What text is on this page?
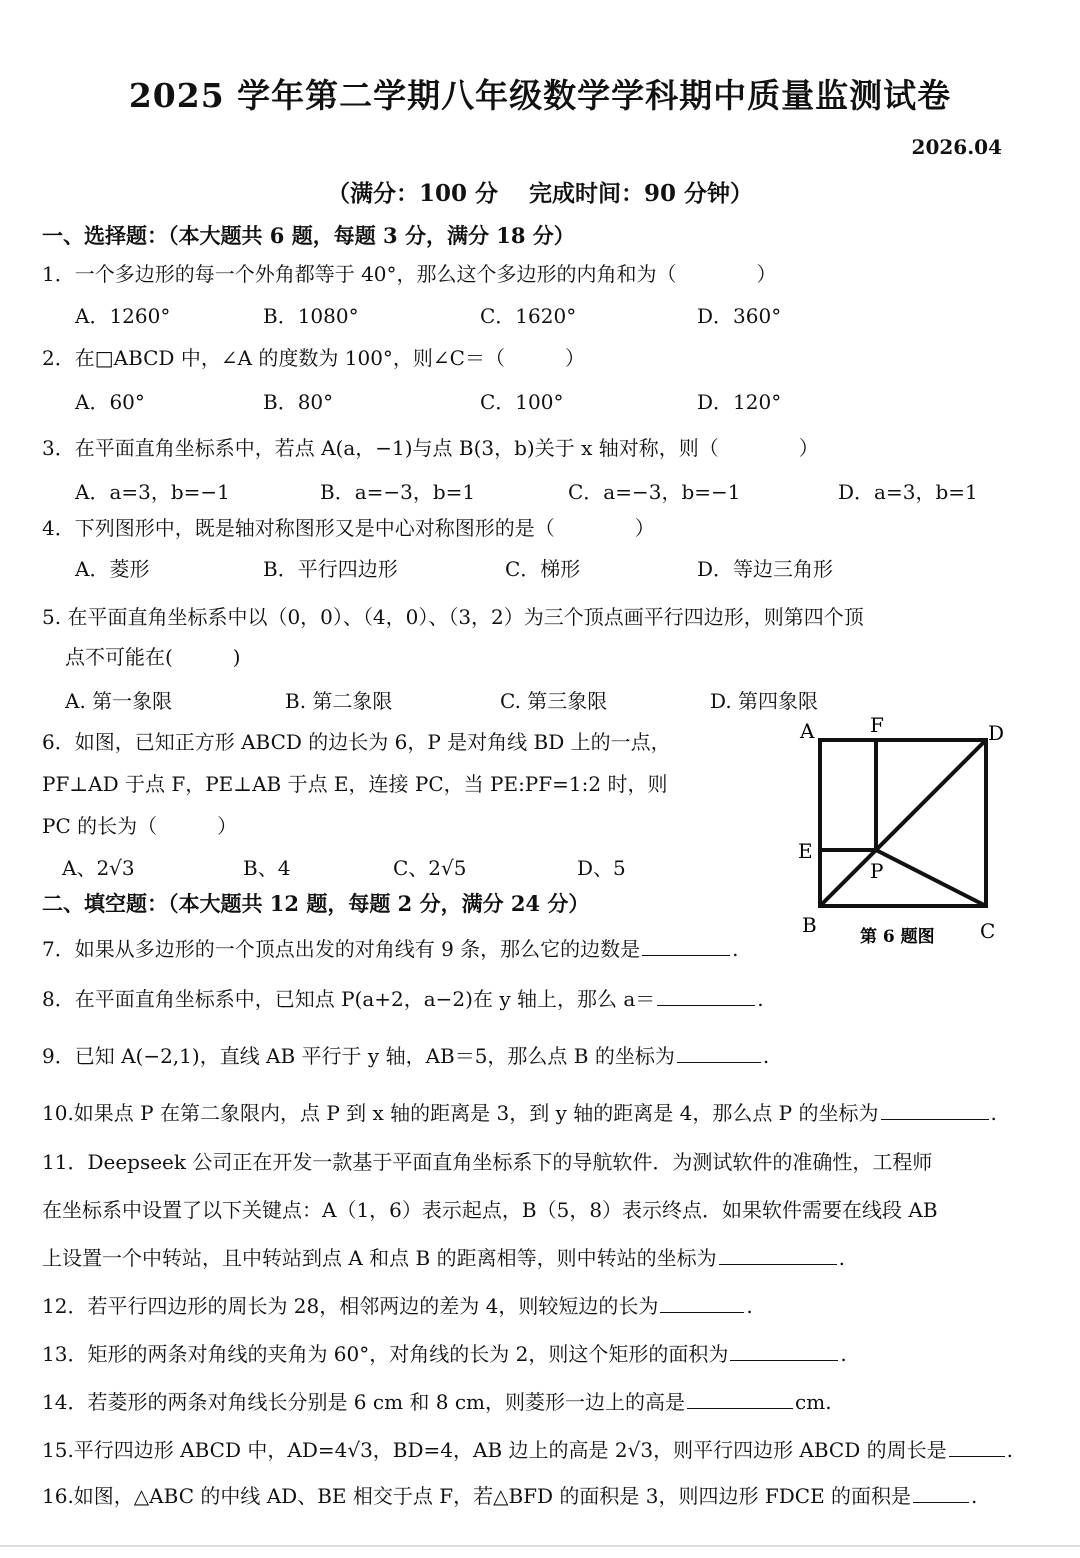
2025 学年第二学期八年级数学学科期中质量监测试卷
2026.04
（满分：100 分　 完成时间：90 分钟）
一、选择题：（本大题共 6 题，每题 3 分，满分 18 分）
1．一个多边形的每一个外角都等于 40°，那么这个多边形的内角和为（　　　　）
A．1260°	B．1080°	C．1620°	D．360°
2．在□ABCD 中，∠A 的度数为 100°，则∠C＝（　　　）
A．60°	B．80°	C．100°	D．120°
3．在平面直角坐标系中，若点 A(a，−1)与点 B(3，b)关于 x 轴对称，则（　　　　）
A．a=3，b=−1	B．a=−3，b=1	C．a=−3，b=−1	D．a=3，b=1
4．下列图形中，既是轴对称图形又是中心对称图形的是（　　　　）
A．菱形	B．平行四边形	C．梯形	D．等边三角形
5. 在平面直角坐标系中以（0，0）、（4，0）、（3，2）为三个顶点画平行四边形，则第四个顶
点不可能在(　　　)
A. 第一象限	B. 第二象限	C. 第三象限	D. 第四象限
6．如图，已知正方形 ABCD 的边长为 6，P 是对角线 BD 上的一点，
PF⊥AD 于点 F，PE⊥AB 于点 E，连接 PC，当 PE:PF=1:2 时，则
PC 的长为（　　　）
A、2√3	B、4	C、2√5	D、5
A	F	D
E
P
B	C
第 6 题图
二、填空题：（本大题共 12 题，每题 2 分，满分 24 分）
7．如果从多边形的一个顶点出发的对角线有 9 条，那么它的边数是	.
8．在平面直角坐标系中，已知点 P(a+2，a−2)在 y 轴上，那么 a＝	.
9．已知 A(−2,1)，直线 AB 平行于 y 轴，AB＝5，那么点 B 的坐标为	.
10.如果点 P 在第二象限内，点 P 到 x 轴的距离是 3，到 y 轴的距离是 4，那么点 P 的坐标为	.
11．Deepseek 公司正在开发一款基于平面直角坐标系下的导航软件．为测试软件的准确性，工程师
在坐标系中设置了以下关键点：A（1，6）表示起点，B（5，8）表示终点．如果软件需要在线段 AB
上设置一个中转站，且中转站到点 A 和点 B 的距离相等，则中转站的坐标为	.
12．若平行四边形的周长为 28，相邻两边的差为 4，则较短边的长为	.
13．矩形的两条对角线的夹角为 60°，对角线的长为 2，则这个矩形的面积为	.
14．若菱形的两条对角线长分别是 6 cm 和 8 cm，则菱形一边上的高是	cm.
15.平行四边形 ABCD 中，AD=4√3，BD=4，AB 边上的高是 2√3，则平行四边形 ABCD 的周长是	.
16.如图，△ABC 的中线 AD、BE 相交于点 F，若△BFD 的面积是 3，则四边形 FDCE 的面积是	.
